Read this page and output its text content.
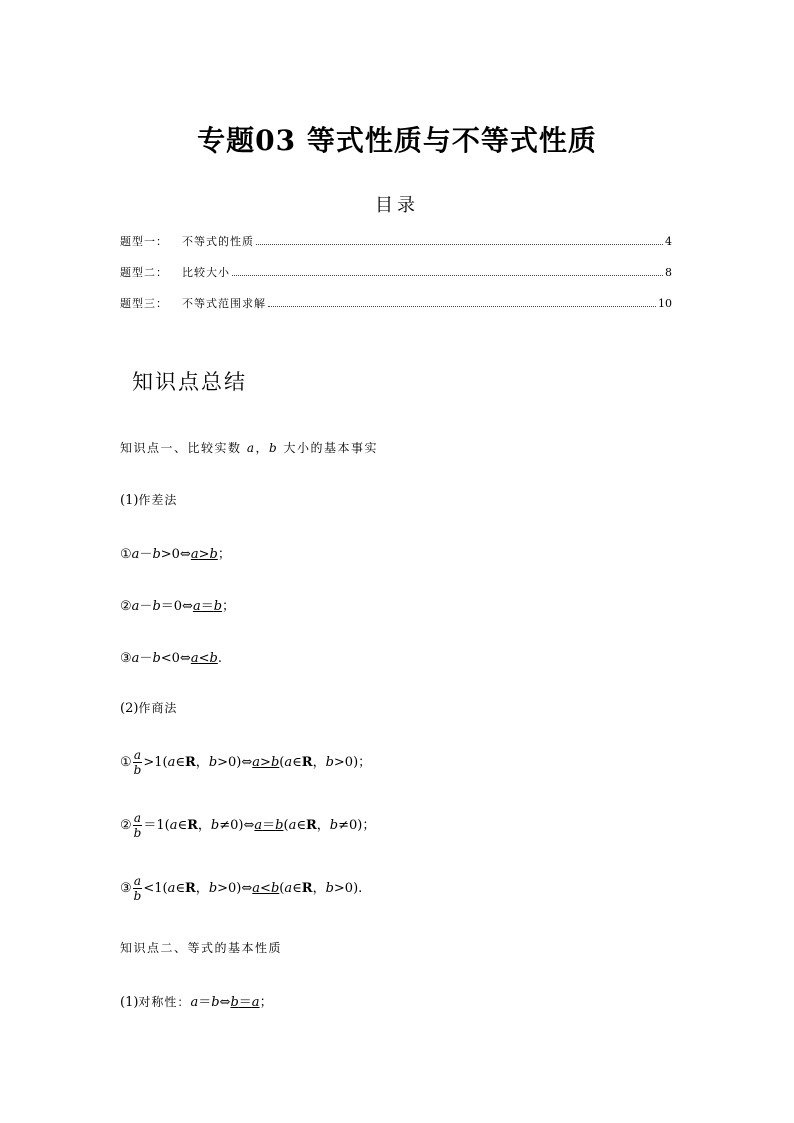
专题03 等式性质与不等式性质
目录
题型一： 不等式的性质	4
题型二： 比较大小	8
题型三： 不等式范围求解	10
知识点总结
知识点一、比较实数 a，b 大小的基本事实
(1)作差法
①a－b>0⇔a>b；
②a－b＝0⇔a＝b；
③a－b<0⇔a<b.
(2)作商法
① $\frac{a}{b}$ >1(a∈R，b>0)⇔a>b(a∈R，b>0)；
② $\frac{a}{b}$ ＝1(a∈R，b≠0)⇔a＝b(a∈R，b≠0)；
③ $\frac{a}{b}$ <1(a∈R，b>0)⇔a<b(a∈R，b>0).
知识点二、等式的基本性质
(1)对称性：a＝b⇔b＝a；
